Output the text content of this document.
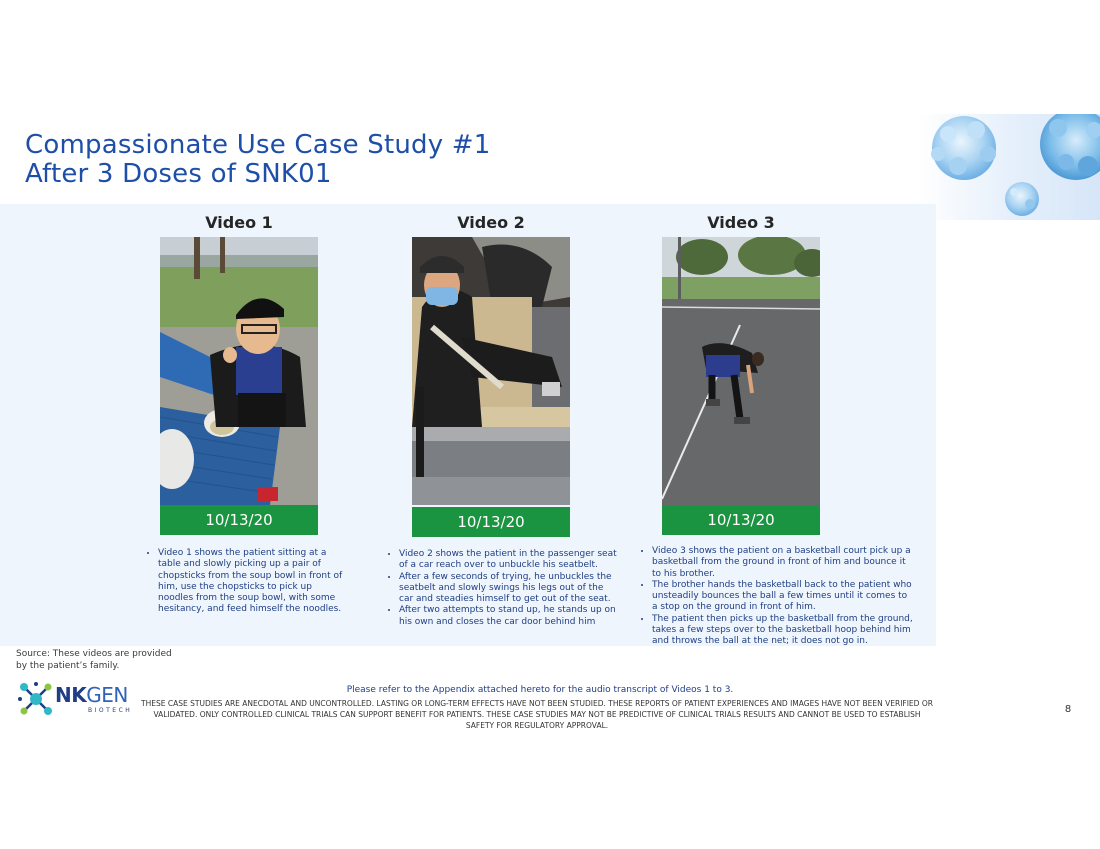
Compassionate Use Case Study #1
After 3 Doses of SNK01
Video 1
10/13/20
Video 2
10/13/20
Video 3
10/13/20
• Video 1 shows the patient sitting at a table and slowly picking up a pair of chopsticks from the soup bowl in front of him, use the chopsticks to pick up noodles from the soup bowl, with some hesitancy, and feed himself the noodles.
• Video 2 shows the patient in the passenger seat of a car reach over to unbuckle his seatbelt.
• After a few seconds of trying, he unbuckles the seatbelt and slowly swings his legs out of the car and steadies himself to get out of the seat.
• After two attempts to stand up, he stands up on his own and closes the car door behind him
• Video 3 shows the patient on a basketball court pick up a basketball from the ground in front of him and bounce it to his brother.
• The brother hands the basketball back to the patient who unsteadily bounces the ball a few times until it comes to a stop on the ground in front of him.
• The patient then picks up the basketball from the ground, takes a few steps over to the basketball hoop behind him and throws the ball at the net; it does not go in.
Source: These videos are provided by the patient’s family.
NKGEN
BIOTECH
Please refer to the Appendix attached hereto for the audio transcript of Videos 1 to 3.
THESE CASE STUDIES ARE ANECDOTAL AND UNCONTROLLED. LASTING OR LONG-TERM EFFECTS HAVE NOT BEEN STUDIED. THESE REPORTS OF PATIENT EXPERIENCES AND IMAGES HAVE NOT BEEN VERIFIED OR VALIDATED. ONLY CONTROLLED CLINICAL TRIALS CAN SUPPORT BENEFIT FOR PATIENTS. THESE CASE STUDIES MAY NOT BE PREDICTIVE OF CLINICAL TRIALS RESULTS AND CANNOT BE USED TO ESTABLISH SAFETY FOR REGULATORY APPROVAL.
8
